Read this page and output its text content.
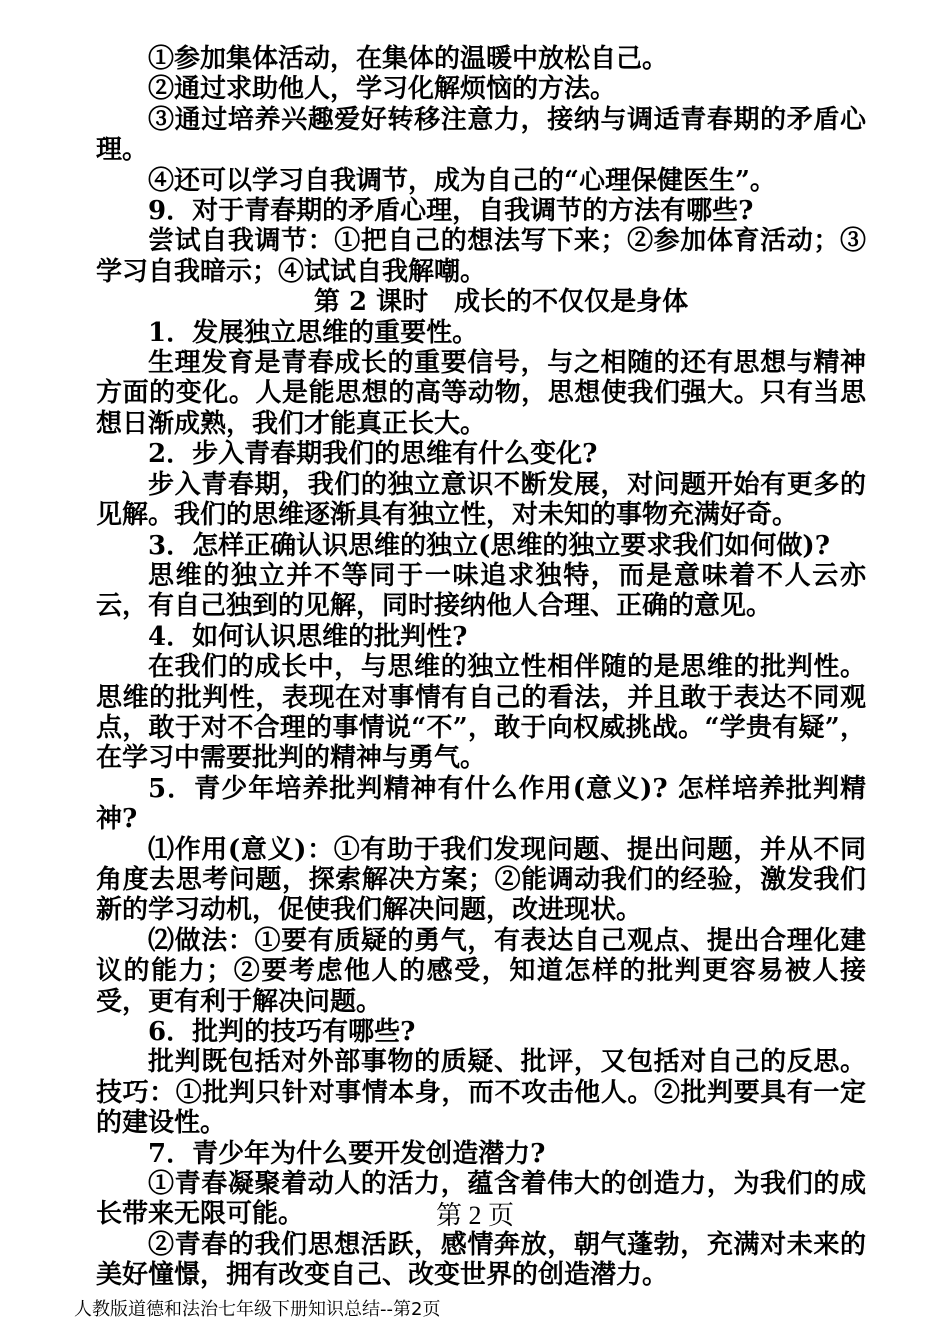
①参加集体活动，在集体的温暖中放松自己。

②通过求助他人，学习化解烦恼的方法。

③通过培养兴趣爱好转移注意力，接纳与调适青春期的矛盾心理。

④还可以学习自我调节，成为自己的“心理保健医生”。

9．对于青春期的矛盾心理，自我调节的方法有哪些?

尝试自我调节：①把自己的想法写下来；②参加体育活动；③学习自我暗示；④试试自我解嘲。

第 2 课时　成长的不仅仅是身体

1．发展独立思维的重要性。

生理发育是青春成长的重要信号，与之相随的还有思想与精神方面的变化。人是能思想的高等动物，思想使我们强大。只有当思想日渐成熟，我们才能真正长大。

2．步入青春期我们的思维有什么变化?

步入青春期，我们的独立意识不断发展，对问题开始有更多的见解。我们的思维逐渐具有独立性，对未知的事物充满好奇。

3．怎样正确认识思维的独立(思维的独立要求我们如何做)?

思维的独立并不等同于一味追求独特，而是意味着不人云亦云，有自己独到的见解，同时接纳他人合理、正确的意见。

4．如何认识思维的批判性?

在我们的成长中，与思维的独立性相伴随的是思维的批判性。思维的批判性，表现在对事情有自己的看法，并且敢于表达不同观点，敢于对不合理的事情说“不”，敢于向权威挑战。“学贵有疑”，在学习中需要批判的精神与勇气。

5．青少年培养批判精神有什么作用(意义)? 怎样培养批判精神?

⑴作用(意义)：①有助于我们发现问题、提出问题，并从不同角度去思考问题，探索解决方案；②能调动我们的经验，激发我们新的学习动机，促使我们解决问题，改进现状。

⑵做法：①要有质疑的勇气，有表达自己观点、提出合理化建议的能力；②要考虑他人的感受，知道怎样的批判更容易被人接受，更有利于解决问题。

6．批判的技巧有哪些?

批判既包括对外部事物的质疑、批评，又包括对自己的反思。技巧：①批判只针对事情本身，而不攻击他人。②批判要具有一定的建设性。

7．青少年为什么要开发创造潜力?

①青春凝聚着动人的活力，蕴含着伟大的创造力，为我们的成长带来无限可能。

②青春的我们思想活跃，感情奔放，朝气蓬勃，充满对未来的美好憧憬，拥有改变自己、改变世界的创造潜力。

第 2 页
人教版道德和法治七年级下册知识总结--第2页
